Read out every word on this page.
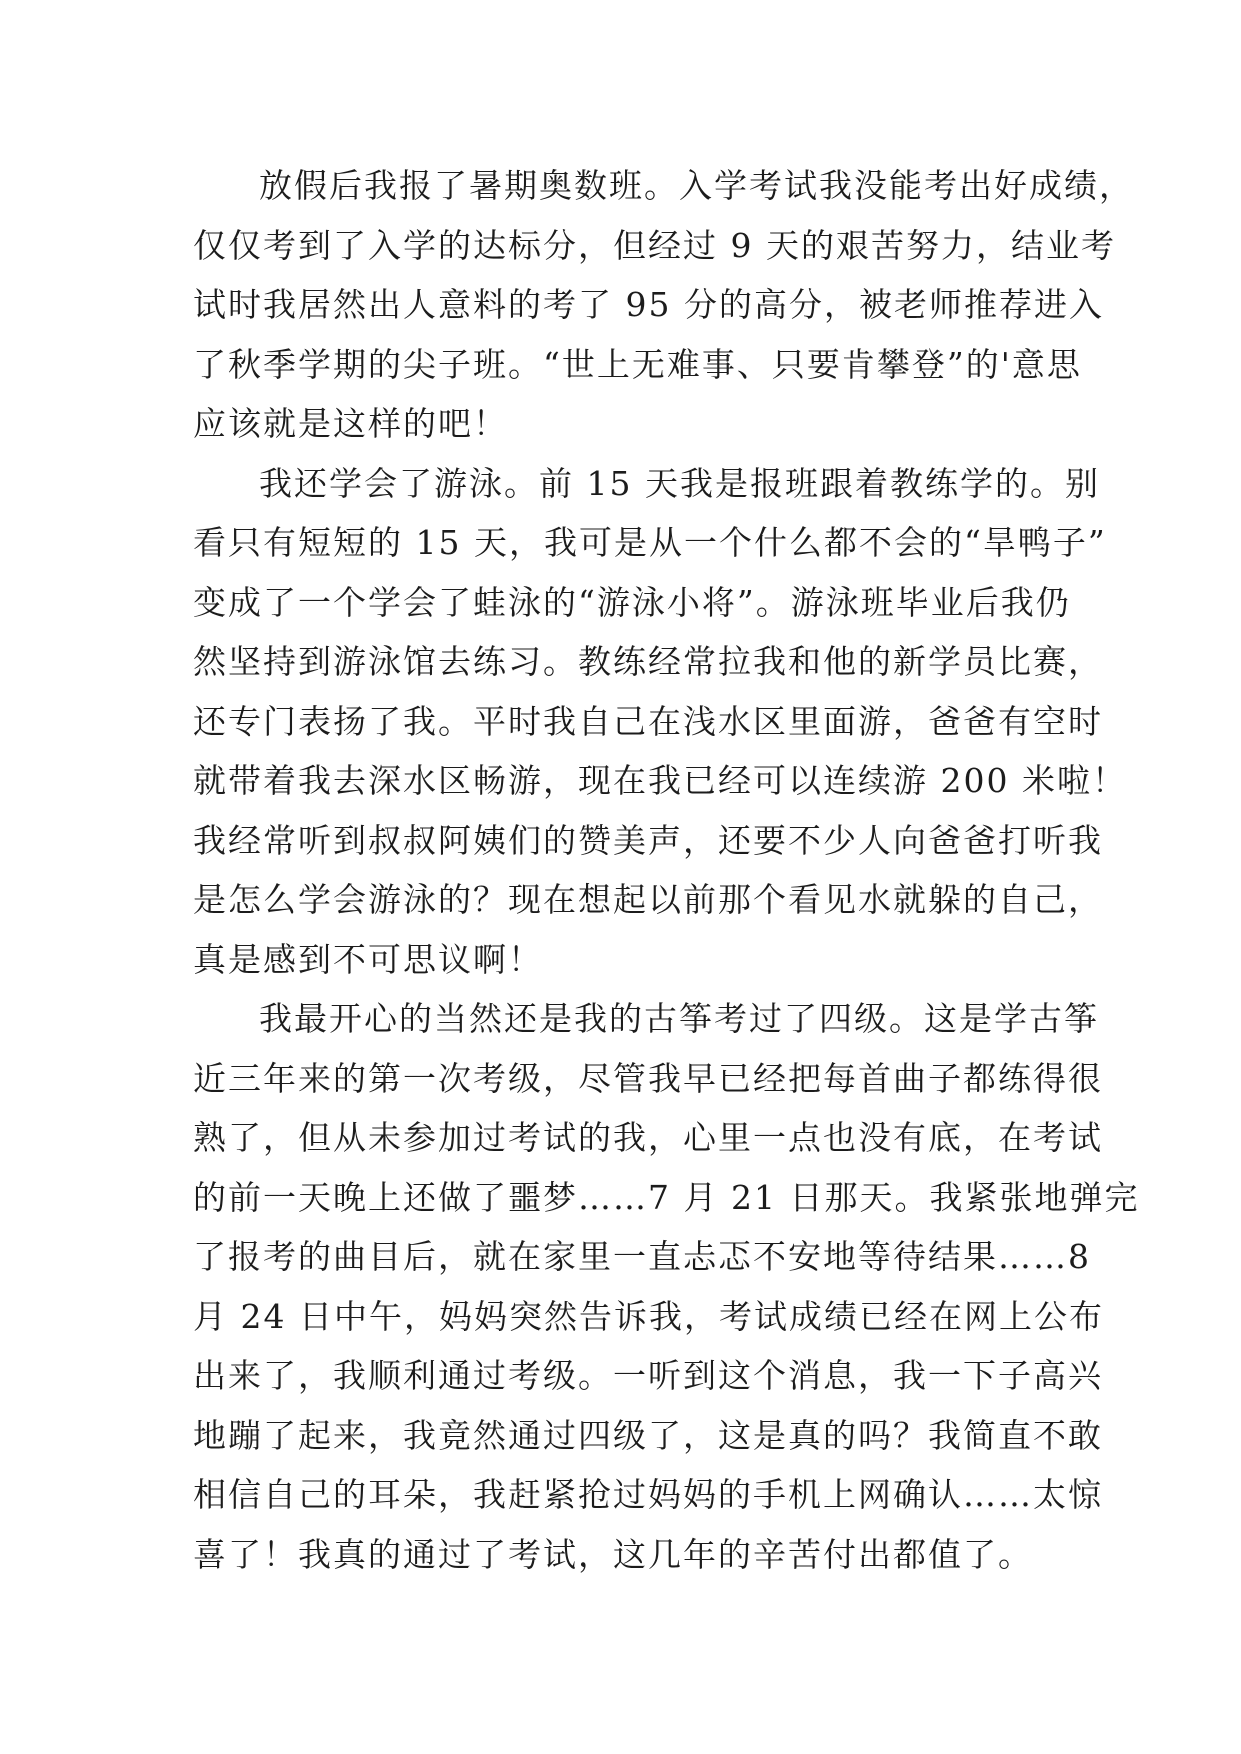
放假后我报了暑期奥数班。入学考试我没能考出好成绩，
仅仅考到了入学的达标分，但经过 9 天的艰苦努力，结业考
试时我居然出人意料的考了 95 分的高分，被老师推荐进入
了秋季学期的尖子班。“世上无难事、只要肯攀登”的'意思
应该就是这样的吧！
我还学会了游泳。前 15 天我是报班跟着教练学的。别
看只有短短的 15 天，我可是从一个什么都不会的“旱鸭子”
变成了一个学会了蛙泳的“游泳小将”。游泳班毕业后我仍
然坚持到游泳馆去练习。教练经常拉我和他的新学员比赛，
还专门表扬了我。平时我自己在浅水区里面游，爸爸有空时
就带着我去深水区畅游，现在我已经可以连续游 200 米啦！
我经常听到叔叔阿姨们的赞美声，还要不少人向爸爸打听我
是怎么学会游泳的？现在想起以前那个看见水就躲的自己，
真是感到不可思议啊！
我最开心的当然还是我的古筝考过了四级。这是学古筝
近三年来的第一次考级，尽管我早已经把每首曲子都练得很
熟了，但从未参加过考试的我，心里一点也没有底，在考试
的前一天晚上还做了噩梦……7 月 21 日那天。我紧张地弹完
了报考的曲目后，就在家里一直忐忑不安地等待结果……8
月 24 日中午，妈妈突然告诉我，考试成绩已经在网上公布
出来了，我顺利通过考级。一听到这个消息，我一下子高兴
地蹦了起来，我竟然通过四级了，这是真的吗？我简直不敢
相信自己的耳朵，我赶紧抢过妈妈的手机上网确认……太惊
喜了！我真的通过了考试，这几年的辛苦付出都值了。
